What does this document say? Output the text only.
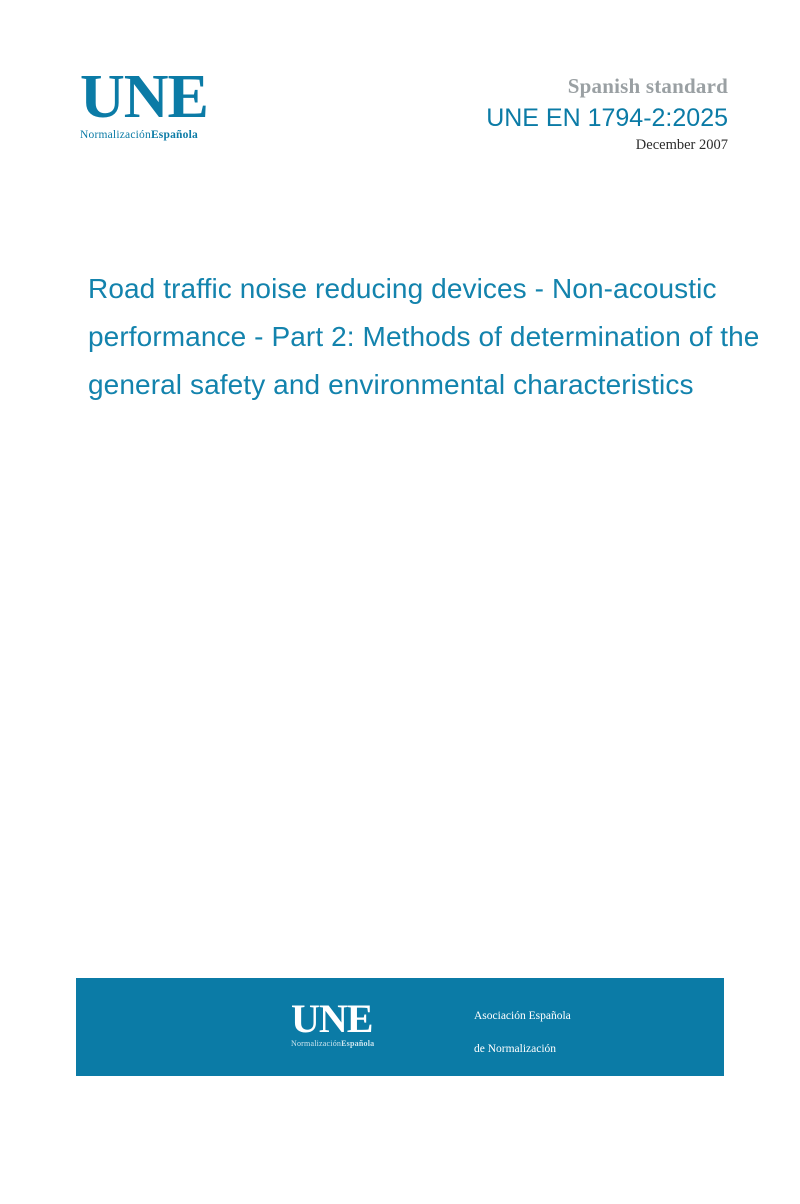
UNE
NormalizaciónEspañola
Spanish standard
UNE EN 1794-2:2025
December 2007
Road traffic noise reducing devices - Non-acoustic performance - Part 2: Methods of determination of the general safety and environmental characteristics
UNE
NormalizaciónEspañola

Asociación Española

de Normalización

Génova, 6 - 28004 Madrid

915 294 900

info@une.org

www.une.org
